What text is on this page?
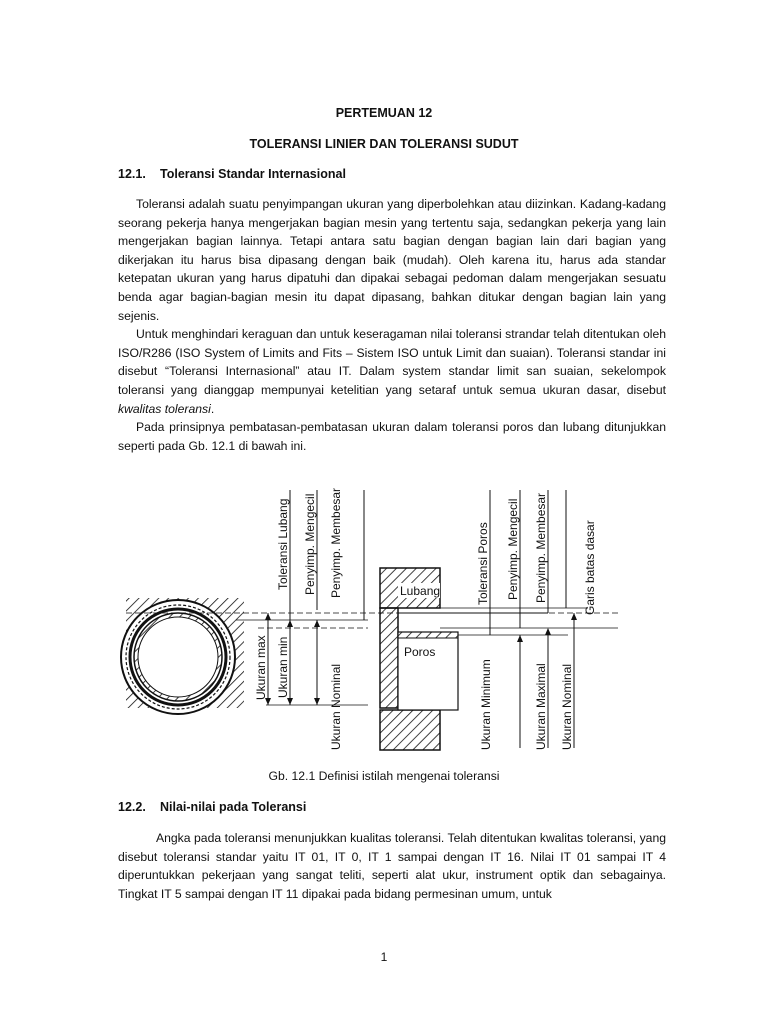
PERTEMUAN 12
TOLERANSI LINIER DAN TOLERANSI SUDUT
12.1. Toleransi Standar Internasional

Toleransi adalah suatu penyimpangan ukuran yang diperbolehkan atau diizinkan. Kadang-kadang seorang pekerja hanya mengerjakan bagian mesin yang tertentu saja, sedangkan pekerja yang lain mengerjakan bagian lainnya. Tetapi antara satu bagian dengan bagian lain dari bagian yang dikerjakan itu harus bisa dipasang dengan baik (mudah). Oleh karena itu, harus ada standar ketepatan ukuran yang harus dipatuhi dan dipakai sebagai pedoman dalam mengerjakan sesuatu benda agar bagian-bagian mesin itu dapat dipasang, bahkan ditukar dengan bagian lain yang sejenis.

Untuk menghindari keraguan dan untuk keseragaman nilai toleransi strandar telah ditentukan oleh ISO/R286 (ISO System of Limits and Fits – Sistem ISO untuk Limit dan suaian). Toleransi standar ini disebut “Toleransi Internasional” atau IT. Dalam system standar limit san suaian, sekelompok toleransi yang dianggap mempunyai ketelitian yang setaraf untuk semua ukuran dasar, disebut kwalitas toleransi.

Pada prinsipnya pembatasan-pembatasan ukuran dalam toleransi poros dan lubang ditunjukkan seperti pada Gb. 12.1 di bawah ini.

Lubang
Poros
Toleransi Lubang Penyimp. Mengecil Penyimp. Membesar
Ukuran max Ukuran min	Ukuran Nominal
Toleransi Poros Penyimp. Mengecil Penyimp. Membesar	Garis batas dasar
Ukuran Minimum	Ukuran Maximal Ukuran Nominal
Gb. 12.1 Definisi istilah mengenai toleransi
12.2. Nilai-nilai pada Toleransi

Angka pada toleransi menunjukkan kualitas toleransi. Telah ditentukan kwalitas toleransi, yang disebut toleransi standar yaitu IT 01, IT 0, IT 1 sampai dengan IT 16. Nilai IT 01 sampai IT 4 diperuntukkan pekerjaan yang sangat teliti, seperti alat ukur, instrument optik dan sebagainya. Tingkat IT 5 sampai dengan IT 11 dipakai pada bidang permesinan umum, untuk

1
